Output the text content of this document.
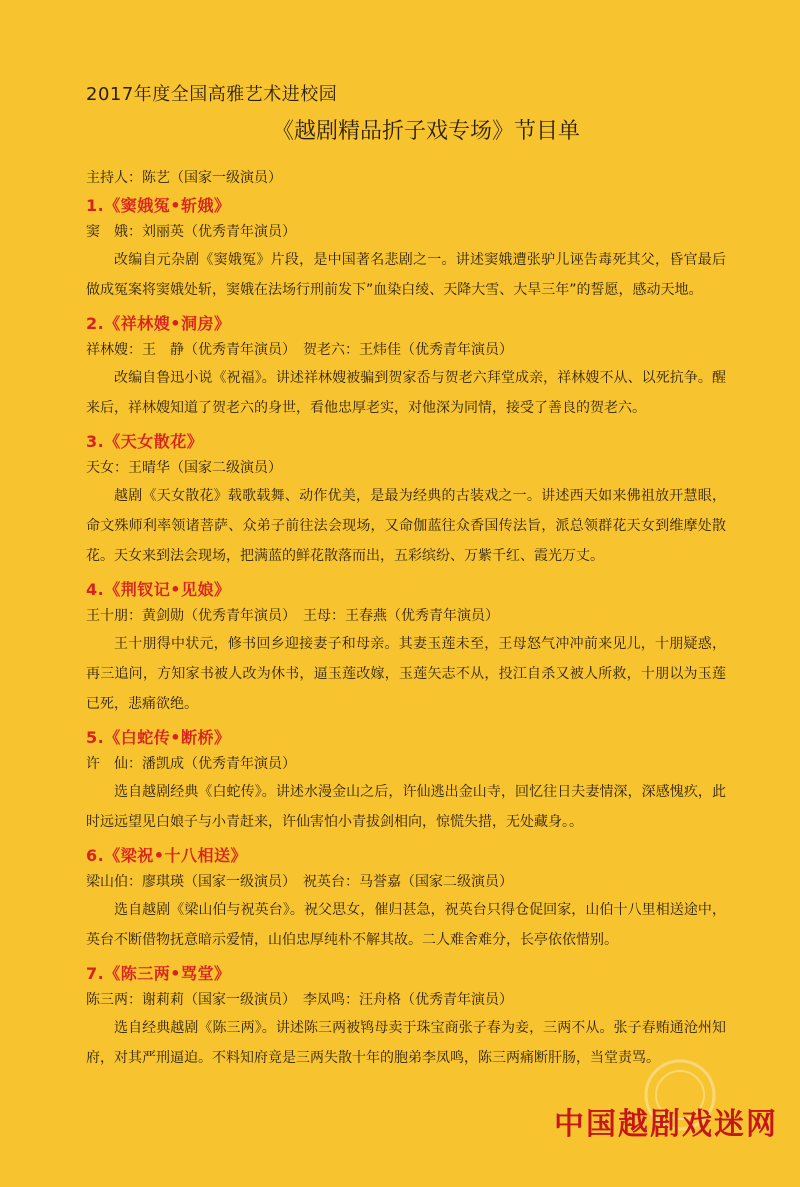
2017年度全国高雅艺术进校园
《越剧精品折子戏专场》节目单
主持人：陈艺（国家一级演员）
1.《窦娥冤•斩娥》
窦　娥：刘丽英（优秀青年演员）
改编自元杂剧《窦娥冤》片段，是中国著名悲剧之一。讲述窦娥遭张驴儿诬告毒死其父，昏官最后做成冤案将窦娥处斩，窦娥在法场行刑前发下”血染白绫、天降大雪、大旱三年”的誓愿，感动天地。
2.《祥林嫂•洞房》
祥林嫂：王　静（优秀青年演员）　贺老六：王炜佳（优秀青年演员）
改编自鲁迅小说《祝福》。讲述祥林嫂被骗到贺家岙与贺老六拜堂成亲，祥林嫂不从、以死抗争。醒来后，祥林嫂知道了贺老六的身世，看他忠厚老实，对他深为同情，接受了善良的贺老六。
3.《天女散花》
天女：王晴华（国家二级演员）
越剧《天女散花》载歌载舞、动作优美，是最为经典的古装戏之一。讲述西天如来佛祖放开慧眼，命文殊师利率领诸菩萨、众弟子前往法会现场，又命伽蓝往众香国传法旨，派总领群花天女到维摩处散花。天女来到法会现场，把满蓝的鲜花散落而出，五彩缤纷、万紫千红、霞光万丈。
4.《荆钗记•见娘》
王十朋：黄剑勋（优秀青年演员）　王母：王春燕（优秀青年演员）
王十朋得中状元，修书回乡迎接妻子和母亲。其妻玉莲未至，王母怒气冲冲前来见儿，十朋疑惑，再三追问，方知家书被人改为休书，逼玉莲改嫁，玉莲矢志不从，投江自杀又被人所救，十朋以为玉莲已死，悲痛欲绝。
5.《白蛇传•断桥》
许　仙：潘凯成（优秀青年演员）
选自越剧经典《白蛇传》。讲述水漫金山之后，许仙逃出金山寺，回忆往日夫妻情深，深感愧疚，此时远远望见白娘子与小青赶来，许仙害怕小青拔剑相向，惊慌失措，无处藏身。。
6.《梁祝•十八相送》
梁山伯：廖琪瑛（国家一级演员）　祝英台：马誉嘉（国家二级演员）
选自越剧《梁山伯与祝英台》。祝父思女，催归甚急，祝英台只得仓促回家，山伯十八里相送途中，英台不断借物抚意暗示爱情，山伯忠厚纯朴不解其故。二人难舍难分，长亭依依惜别。
7.《陈三两•骂堂》
陈三两：谢莉莉（国家一级演员）　李凤鸣：汪舟格（优秀青年演员）
选自经典越剧《陈三两》。讲述陈三两被鸨母卖于珠宝商张子春为妾，三两不从。张子春贿通沧州知府，对其严刑逼迫。不料知府竟是三两失散十年的胞弟李凤鸣，陈三两痛断肝肠，当堂责骂。
中国越剧戏迷网
